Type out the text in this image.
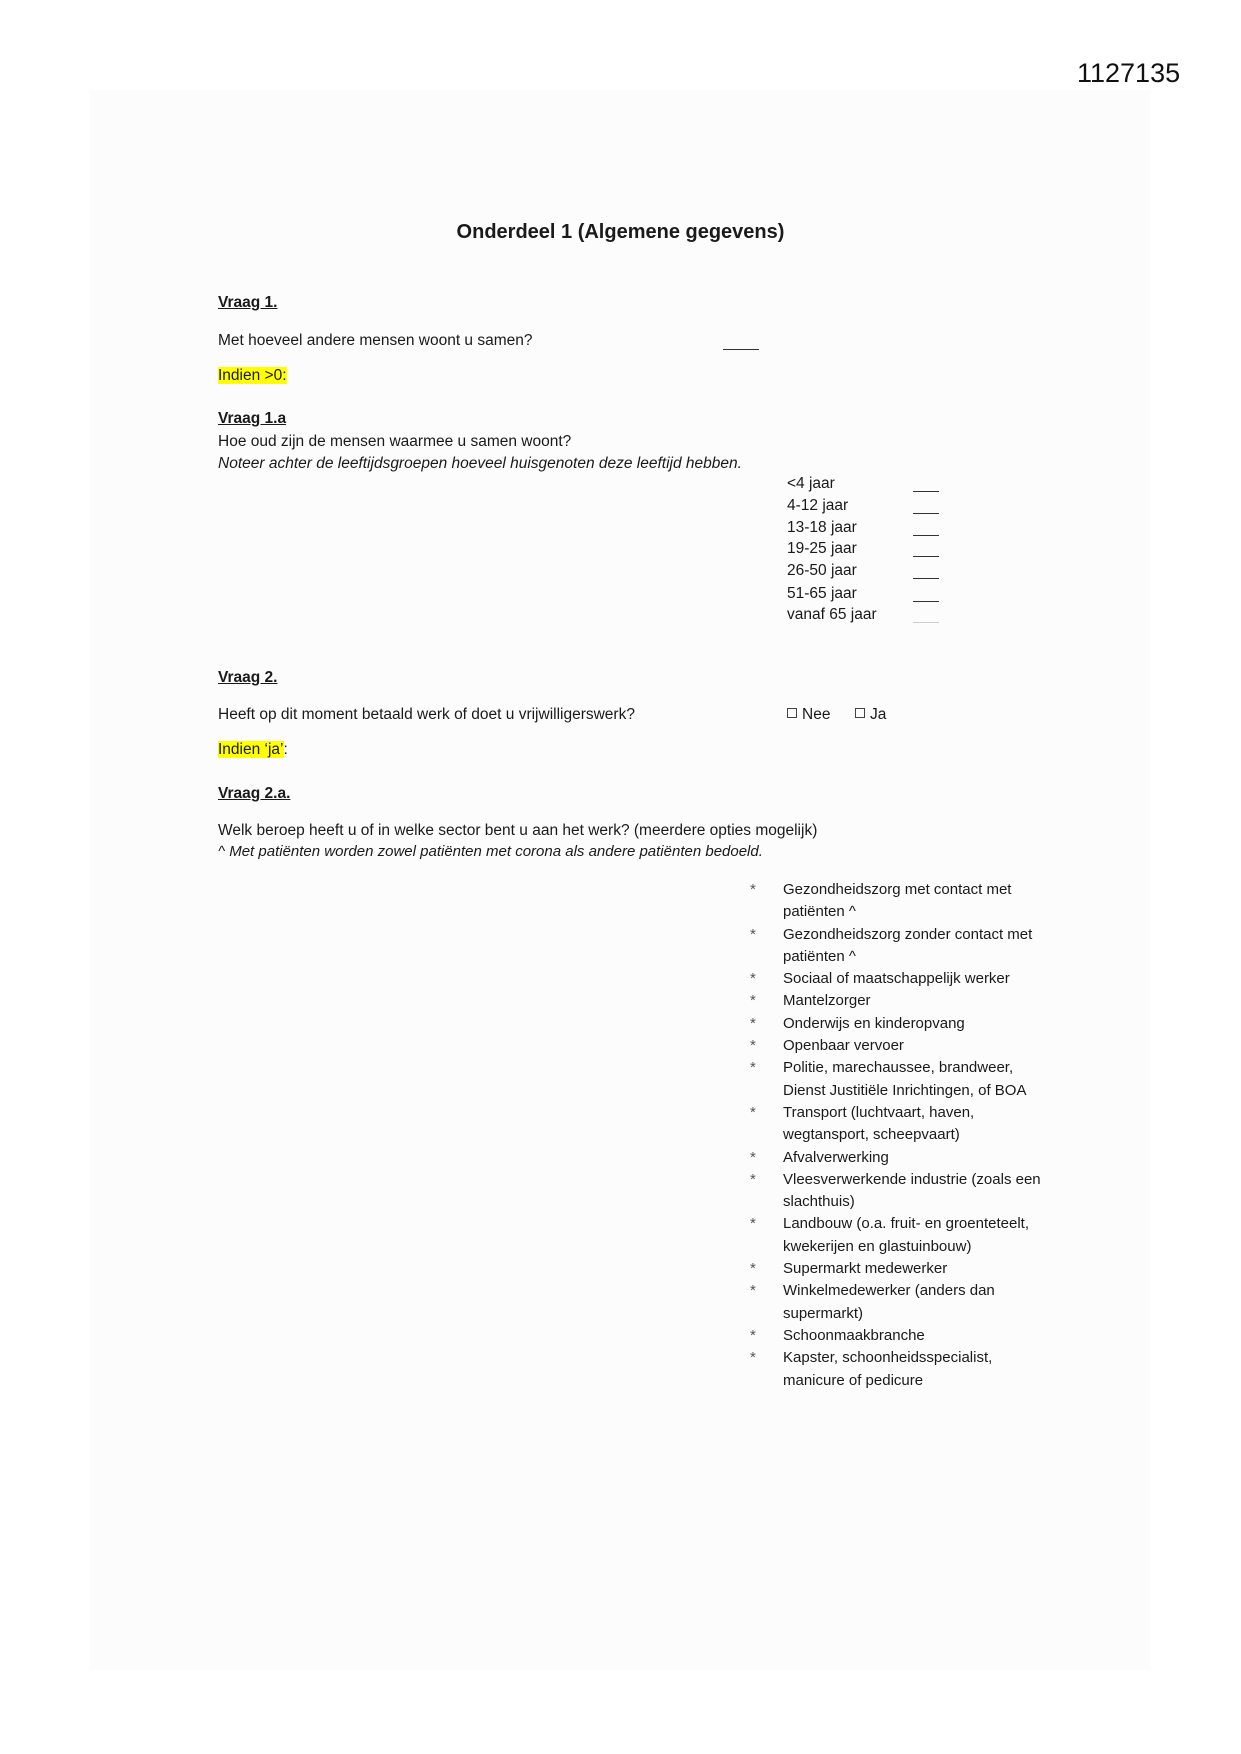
1127135
Onderdeel 1 (Algemene gegevens)
Vraag 1.
Met hoeveel andere mensen woont u samen?
Indien >0:
Vraag 1.a
Hoe oud zijn de mensen waarmee u samen woont?
Noteer achter de leeftijdsgroepen hoeveel huisgenoten deze leeftijd hebben.
<4 jaar
4-12 jaar
13-18 jaar
19-25 jaar
26-50 jaar
51-65 jaar
vanaf 65 jaar
Vraag 2.
Heeft op dit moment betaald werk of doet u vrijwilligerswerk?	Nee	Ja
Indien ‘ja’:
Vraag 2.a.
Welk beroep heeft u of in welke sector bent u aan het werk? (meerdere opties mogelijk)
^ Met patiënten worden zowel patiënten met corona als andere patiënten bedoeld.
* Gezondheidszorg met contact met patiënten ^
* Gezondheidszorg zonder contact met patiënten ^
* Sociaal of maatschappelijk werker
* Mantelzorger
* Onderwijs en kinderopvang
* Openbaar vervoer
* Politie, marechaussee, brandweer, Dienst Justitiële Inrichtingen, of BOA
* Transport (luchtvaart, haven, wegtansport, scheepvaart)
* Afvalverwerking
* Vleesverwerkende industrie (zoals een slachthuis)
* Landbouw (o.a. fruit- en groenteteelt, kwekerijen en glastuinbouw)
* Supermarkt medewerker
* Winkelmedewerker (anders dan supermarkt)
* Schoonmaakbranche
* Kapster, schoonheidsspecialist, manicure of pedicure
